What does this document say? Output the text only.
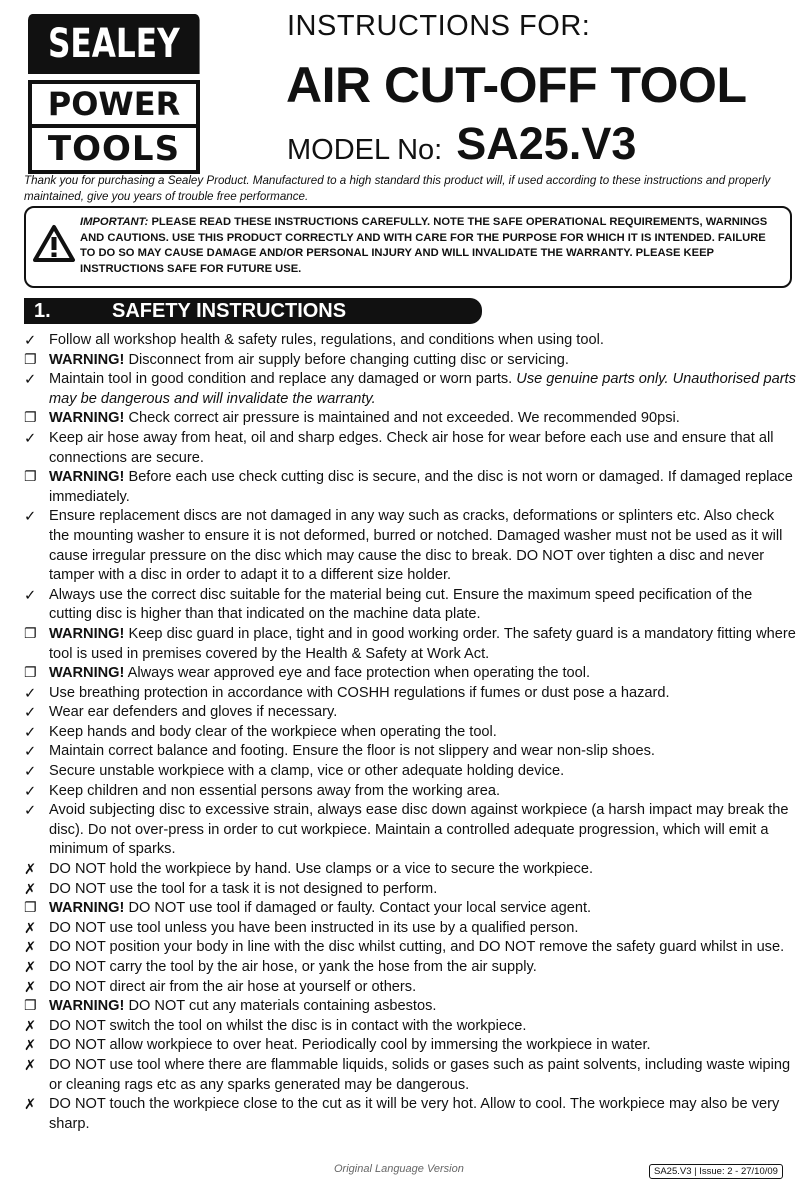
SEALEY
POWER
TOOLS
INSTRUCTIONS FOR:
AIR CUT-OFF TOOL
MODEL No: SA25.V3
Thank you for purchasing a Sealey Product. Manufactured to a high standard this product will, if used according to these instructions and properly maintained, give you years of trouble free performance.
IMPORTANT: PLEASE READ THESE INSTRUCTIONS CAREFULLY. NOTE THE SAFE OPERATIONAL REQUIREMENTS, WARNINGS AND CAUTIONS. USE THIS PRODUCT CORRECTLY AND WITH CARE FOR THE PURPOSE FOR WHICH IT IS INTENDED. FAILURE TO DO SO MAY CAUSE DAMAGE AND/OR PERSONAL INJURY AND WILL INVALIDATE THE WARRANTY. PLEASE KEEP INSTRUCTIONS SAFE FOR FUTURE USE.
1.	SAFETY INSTRUCTIONS
✓ Follow all workshop health & safety rules, regulations, and conditions when using tool.
❐ WARNING! Disconnect from air supply before changing cutting disc or servicing.
✓ Maintain tool in good condition and replace any damaged or worn parts. Use genuine parts only. Unauthorised parts may be dangerous and will invalidate the warranty.
❐ WARNING! Check correct air pressure is maintained and not exceeded. We recommended 90psi.
✓ Keep air hose away from heat, oil and sharp edges. Check air hose for wear before each use and ensure that all connections are secure.
❐ WARNING! Before each use check cutting disc is secure, and the disc is not worn or damaged. If damaged replace immediately.
✓ Ensure replacement discs are not damaged in any way such as cracks, deformations or splinters etc. Also check the mounting washer to ensure it is not deformed, burred or notched. Damaged washer must not be used as it will cause irregular pressure on the disc which may cause the disc to break. DO NOT over tighten a disc and never tamper with a disc in order to adapt it to a different size holder.
✓ Always use the correct disc suitable for the material being cut. Ensure the maximum speed pecification of the cutting disc is higher than that indicated on the machine data plate.
❐ WARNING! Keep disc guard in place, tight and in good working order. The safety guard is a mandatory fitting where tool is used in premises covered by the Health & Safety at Work Act.
❐ WARNING! Always wear approved eye and face protection when operating the tool.
✓ Use breathing protection in accordance with COSHH regulations if fumes or dust pose a hazard.
✓ Wear ear defenders and gloves if necessary.
✓ Keep hands and body clear of the workpiece when operating the tool.
✓ Maintain correct balance and footing. Ensure the floor is not slippery and wear non-slip shoes.
✓ Secure unstable workpiece with a clamp, vice or other adequate holding device.
✓ Keep children and non essential persons away from the working area.
✓ Avoid subjecting disc to excessive strain, always ease disc down against workpiece (a harsh impact may break the disc). Do not over-press in order to cut workpiece. Maintain a controlled adequate progression, which will emit a minimum of sparks.
✗ DO NOT hold the workpiece by hand. Use clamps or a vice to secure the workpiece.
✗ DO NOT use the tool for a task it is not designed to perform.
❐ WARNING! DO NOT use tool if damaged or faulty. Contact your local service agent.
✗ DO NOT use tool unless you have been instructed in its use by a qualified person.
✗ DO NOT position your body in line with the disc whilst cutting, and DO NOT remove the safety guard whilst in use.
✗ DO NOT carry the tool by the air hose, or yank the hose from the air supply.
✗ DO NOT direct air from the air hose at yourself or others.
❐ WARNING! DO NOT cut any materials containing asbestos.
✗ DO NOT switch the tool on whilst the disc is in contact with the workpiece.
✗ DO NOT allow workpiece to over heat. Periodically cool by immersing the workpiece in water.
✗ DO NOT use tool where there are flammable liquids, solids or gases such as paint solvents, including waste wiping or cleaning rags etc as any sparks generated may be dangerous.
✗ DO NOT touch the workpiece close to the cut as it will be very hot. Allow to cool. The workpiece may also be very sharp.
Original Language Version	SA25.V3 | Issue: 2 - 27/10/09
